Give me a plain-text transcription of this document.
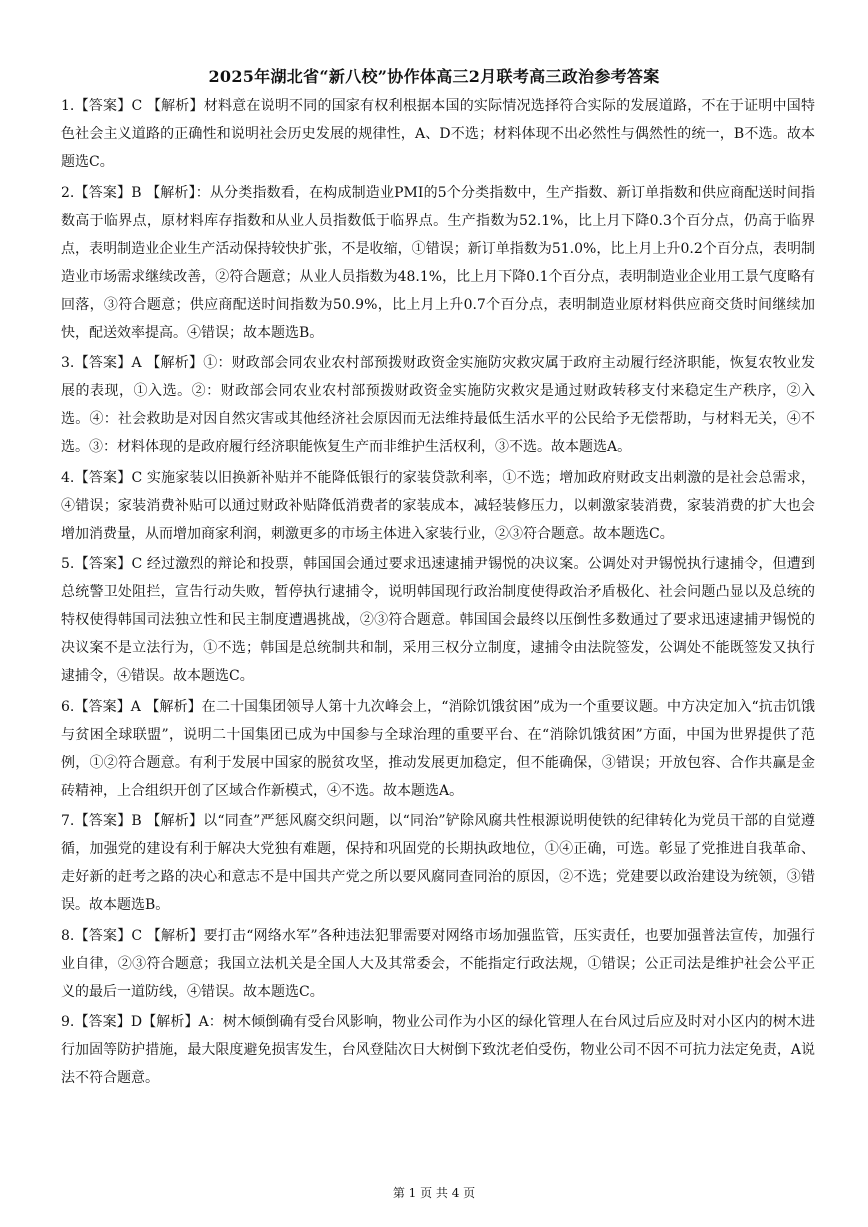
2025年湖北省“新八校”协作体高三2月联考高三政治参考答案

1.【答案】C 【解析】材料意在说明不同的国家有权利根据本国的实际情况选择符合实际的发展道路，不在于证明中国特色社会主义道路的正确性和说明社会历史发展的规律性，A、D不选；材料体现不出必然性与偶然性的统一，B不选。故本题选C。

2.【答案】B 【解析】：从分类指数看，在构成制造业PMI的5个分类指数中，生产指数、新订单指数和供应商配送时间指数高于临界点，原材料库存指数和从业人员指数低于临界点。生产指数为52.1%，比上月下降0.3个百分点，仍高于临界点，表明制造业企业生产活动保持较快扩张，不是收缩，①错误；新订单指数为51.0%，比上月上升0.2个百分点，表明制造业市场需求继续改善，②符合题意；从业人员指数为48.1%，比上月下降0.1个百分点，表明制造业企业用工景气度略有回落，③符合题意；供应商配送时间指数为50.9%，比上月上升0.7个百分点，表明制造业原材料供应商交货时间继续加快，配送效率提高。④错误；故本题选B。

3.【答案】A 【解析】①：财政部会同农业农村部预拨财政资金实施防灾救灾属于政府主动履行经济职能，恢复农牧业发展的表现，①入选。②：财政部会同农业农村部预拨财政资金实施防灾救灾是通过财政转移支付来稳定生产秩序，②入选。④：社会救助是对因自然灾害或其他经济社会原因而无法维持最低生活水平的公民给予无偿帮助，与材料无关，④不选。③：材料体现的是政府履行经济职能恢复生产而非维护生活权利，③不选。故本题选A。

4.【答案】C 实施家装以旧换新补贴并不能降低银行的家装贷款利率，①不选；增加政府财政支出刺激的是社会总需求，④错误；家装消费补贴可以通过财政补贴降低消费者的家装成本，减轻装修压力，以刺激家装消费，家装消费的扩大也会增加消费量，从而增加商家利润，刺激更多的市场主体进入家装行业，②③符合题意。故本题选C。

5.【答案】C 经过激烈的辩论和投票，韩国国会通过要求迅速逮捕尹锡悦的决议案。公调处对尹锡悦执行逮捕令，但遭到总统警卫处阻拦，宣告行动失败，暂停执行逮捕令，说明韩国现行政治制度使得政治矛盾极化、社会问题凸显以及总统的特权使得韩国司法独立性和民主制度遭遇挑战，②③符合题意。韩国国会最终以压倒性多数通过了要求迅速逮捕尹锡悦的决议案不是立法行为，①不选；韩国是总统制共和制，采用三权分立制度，逮捕令由法院签发，公调处不能既签发又执行逮捕令，④错误。故本题选C。

6.【答案】A 【解析】在二十国集团领导人第十九次峰会上，“消除饥饿贫困”成为一个重要议题。中方决定加入“抗击饥饿与贫困全球联盟”，说明二十国集团已成为中国参与全球治理的重要平台、在“消除饥饿贫困”方面，中国为世界提供了范例，①②符合题意。有利于发展中国家的脱贫攻坚，推动发展更加稳定，但不能确保，③错误；开放包容、合作共赢是金砖精神，上合组织开创了区域合作新模式，④不选。故本题选A。

7.【答案】B 【解析】以“同查”严惩风腐交织问题，以“同治”铲除风腐共性根源说明使铁的纪律转化为党员干部的自觉遵循，加强党的建设有利于解决大党独有难题，保持和巩固党的长期执政地位，①④正确，可选。彰显了党推进自我革命、走好新的赶考之路的决心和意志不是中国共产党之所以要风腐同查同治的原因，②不选；党建要以政治建设为统领，③错误。故本题选B。

8.【答案】C 【解析】要打击“网络水军”各种违法犯罪需要对网络市场加强监管，压实责任，也要加强普法宣传，加强行业自律，②③符合题意；我国立法机关是全国人大及其常委会，不能指定行政法规，①错误；公正司法是维护社会公平正义的最后一道防线，④错误。故本题选C。

9.【答案】D【解析】A：树木倾倒确有受台风影响，物业公司作为小区的绿化管理人在台风过后应及时对小区内的树木进行加固等防护措施，最大限度避免损害发生，台风登陆次日大树倒下致沈老伯受伤，物业公司不因不可抗力法定免责，A说法不符合题意。

第 1 页 共 4 页
